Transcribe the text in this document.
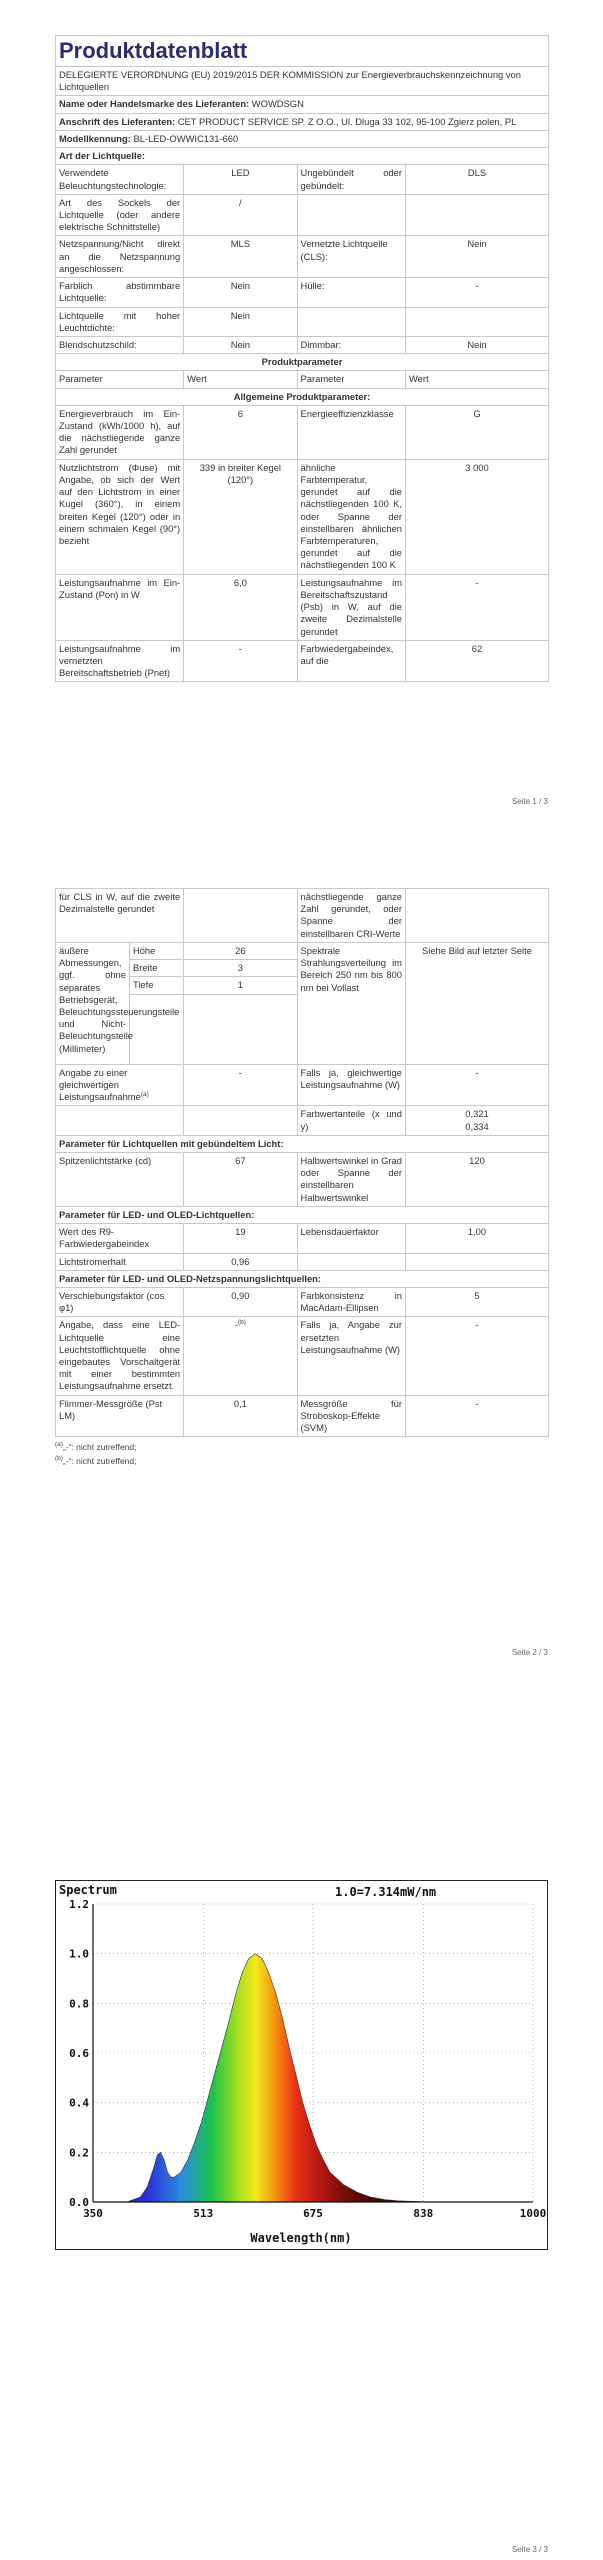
Produktdatenblatt
DELEGIERTE VERORDNUNG (EU) 2019/2015 DER KOMMISSION zur Energieverbrauchskennzeichnung von Lichtquellen			
Name oder Handelsmarke des Lieferanten: WOWDSGN			
Anschrift des Lieferanten: CET PRODUCT SERVICE SP. Z O.O., Ul. Dluga 33 102, 95-100 Zgierz polen, PL			
Modellkennung: BL-LED-OWWIC131-660			
Art der Lichtquelle:			
Verwendete Beleuchtungstechnologie:	LED	Ungebündelt oder gebündelt:	DLS
Art des Sockels der Lichtquelle (oder andere elektrische Schnittstelle)	/		
Netzspannung/Nicht direkt an die Netzspannung angeschlossen:	MLS	Vernetzte Lichtquelle (CLS):	Nein
Farblich abstimmbare Lichtquelle:	Nein	Hülle:	-
Lichtquelle mit hoher Leuchtdichte:	Nein		
Blendschutzschild:	Nein	Dimmbar:	Nein
Produktparameter			
Parameter	Wert	Parameter	Wert
Allgemeine Produktparameter:			
Energieverbrauch im Ein-Zustand (kWh/1000 h), auf die nächstliegende ganze Zahl gerundet	6	Energieeffizienzklasse	G
Nutzlichtstrom (Φuse) mit Angabe, ob sich der Wert auf den Lichtstrom in einer Kugel (360°), in einem breiten Kegel (120°) oder in einem schmalen Kegel (90°) bezieht	339 in breiter Kegel (120°)	ähnliche Farbtemperatur, gerundet auf die nächstliegenden 100 K, oder Spanne der einstellbaren ähnlichen Farbtemperaturen, gerundet auf die nächstliegenden 100 K	3 000
Leistungsaufnahme im Ein-Zustand (Pon) in W	6,0	Leistungsaufnahme im Bereitschaftszustand (Psb) in W, auf die zweite Dezimalstelle gerundet	-
Leistungsaufnahme im vernetzten Bereitschaftsbetrieb (Pnet)	-	Farbwiedergabeindex, auf die	62
Seite 1 / 3
für CLS in W, auf die zweite Dezimalstelle gerundet			nächstliegende ganze Zahl gerundet, oder Spanne der einstellbaren CRI-Werte	
äußere Abmessungen, ggf. ohne separates Betriebsgerät, Beleuchtungssteuerungsteile und Nicht-Beleuchtungsteile (Millimeter)	Höhe	26	Spektrale Strahlungsverteilung im Bereich 250 nm bis 800 nm bei Vollast	Siehe Bild auf letzter Seite
	Breite	3		
	Tiefe	1		

Angabe zu einer gleichwertigen Leistungsaufnahme$^{(a)}$		-	Falls ja, gleichwertige Leistungsaufnahme (W)	-
			Farbwertanteile (x und y)	0,321
0,334

Parameter für Lichtquellen mit gebündeltem Licht:				
Spitzenlichtstärke (cd)		67	Halbwertswinkel in Grad oder Spanne der einstellbaren Halbwertswinkel	120
Parameter für LED- und OLED-Lichtquellen:				
Wert des R9-Farbwiedergabeindex		19	Lebensdauerfaktor	1,00
Lichtstromerhalt		0,96		
Parameter für LED- und OLED-Netzspannungslichtquellen:				
Verschiebungsfaktor (cos φ1)		0,90	Farbkonsistenz in MacAdam-Ellipsen	5
Angabe, dass eine LED-Lichtquelle eine Leuchtstofflichtquelle ohne eingebautes Vorschaltgerät mit einer bestimmten Leistungsaufnahme ersetzt.		-$^{(b)}$	Falls ja, Angabe zur ersetzten Leistungsaufnahme (W)	-
Flimmer-Messgröße (Pst LM)		0,1	Messgröße für Stroboskop-Effekte (SVM)	-
$^{(a)}$„-“: nicht zutreffend;
$^{(b)}$„-“: nicht zutreffend;
Seite 2 / 3
Spectrum	1.0=7.314mW/nm
0.0
0.2
0.4
0.6
0.8
1.0
1.2
350	513	675	838	1000
Wavelength(nm)
Seite 3 / 3
